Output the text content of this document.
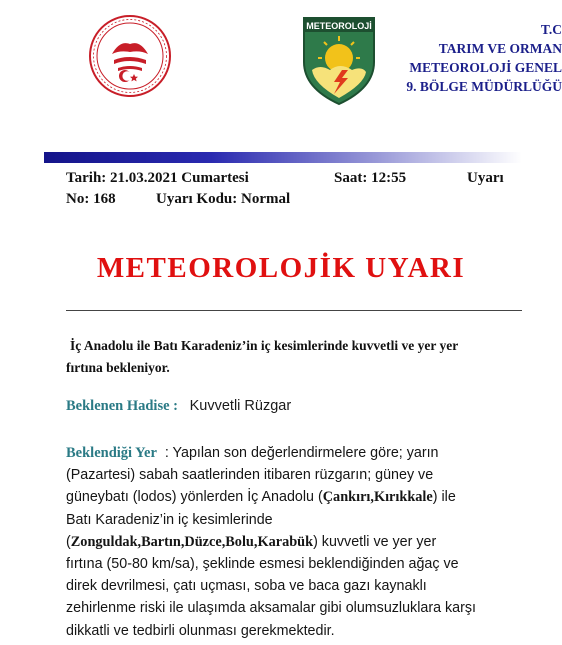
METEOROLOJİ	T.C
TARIM VE ORMAN
METEOROLOJİ GENEL
9. BÖLGE MÜDÜRLÜĞÜ
Tarih: 21.03.2021 Cumartesi	Saat: 12:55	Uyarı
No: 168	Uyarı Kodu: Normal
METEOROLOJİK UYARI
İç Anadolu ile Batı Karadeniz’in iç kesimlerinde kuvvetli ve yer yer
fırtına bekleniyor.
Beklenen Hadise : Kuvvetli Rüzgar
Beklendiği Yer  : Yapılan son değerlendirmelere göre; yarın
(Pazartesi) sabah saatlerinden itibaren rüzgarın; güney ve
güneybatı (lodos) yönlerden İç Anadolu (Çankırı,Kırıkkale) ile
Batı Karadeniz’in iç kesimlerinde
(Zonguldak,Bartın,Düzce,Bolu,Karabük) kuvvetli ve yer yer
fırtına (50-80 km/sa), şeklinde esmesi beklendiğinden ağaç ve
direk devrilmesi, çatı uçması, soba ve baca gazı kaynaklı
zehirlenme riski ile ulaşımda aksamalar gibi olumsuzluklara karşı
dikkatli ve tedbirli olunması gerekmektedir.
